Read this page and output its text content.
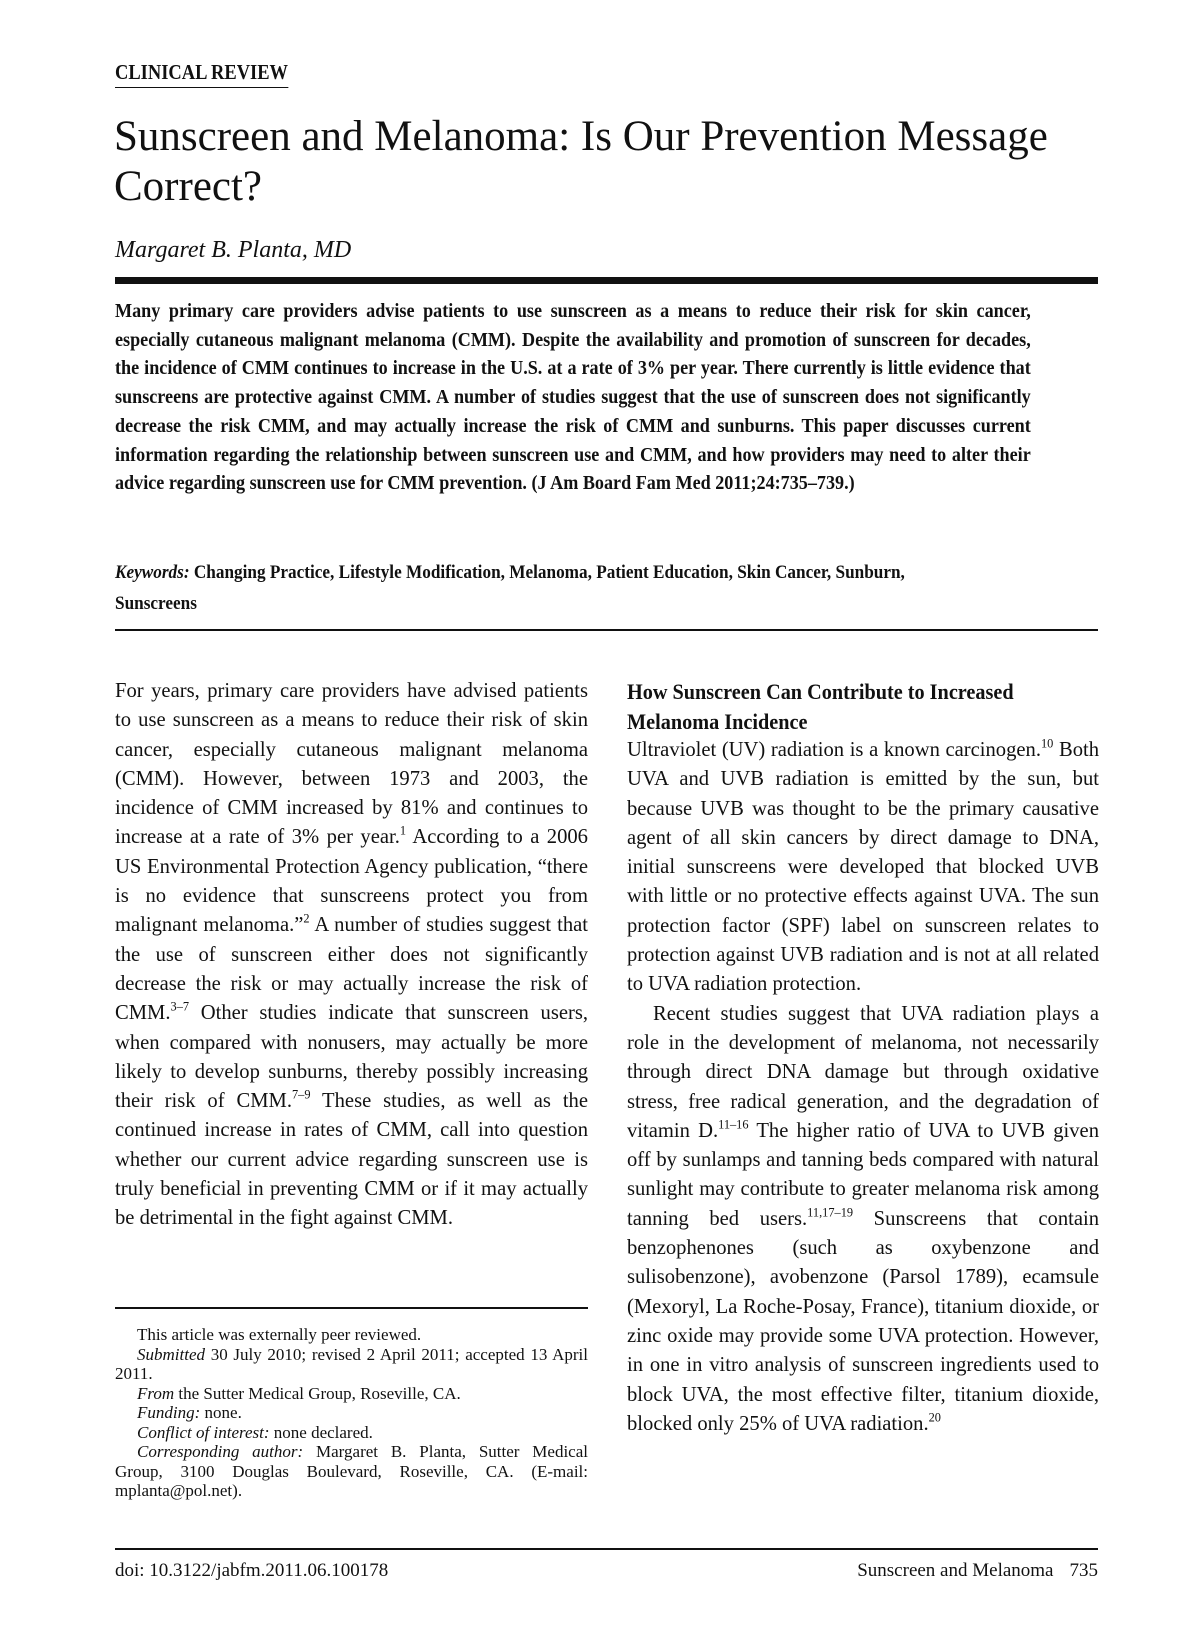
CLINICAL REVIEW
Sunscreen and Melanoma: Is Our Prevention Message Correct?
Margaret B. Planta, MD

Many primary care providers advise patients to use sunscreen as a means to reduce their risk for skin cancer, especially cutaneous malignant melanoma (CMM). Despite the availability and promotion of sunscreen for decades, the incidence of CMM continues to increase in the U.S. at a rate of 3% per year. There currently is little evidence that sunscreens are protective against CMM. A number of studies suggest that the use of sunscreen does not significantly decrease the risk CMM, and may actually increase the risk of CMM and sunburns. This paper discusses current information regarding the relationship between sunscreen use and CMM, and how providers may need to alter their advice regarding sunscreen use for CMM prevention. (J Am Board Fam Med 2011;24:735–739.)

Keywords: Changing Practice, Lifestyle Modification, Melanoma, Patient Education, Skin Cancer, Sunburn, Sunscreens

For years, primary care providers have advised patients to use sunscreen as a means to reduce their risk of skin cancer, especially cutaneous malignant melanoma (CMM). However, between 1973 and 2003, the incidence of CMM increased by 81% and continues to increase at a rate of 3% per year.$^1$ According to a 2006 US Environmental Protection Agency publication, “there is no evidence that sunscreens protect you from malignant melanoma.”$^2$ A number of studies suggest that the use of sunscreen either does not significantly decrease the risk or may actually increase the risk of CMM.$^{3-7}$ Other studies indicate that sunscreen users, when compared with nonusers, may actually be more likely to develop sunburns, thereby possibly increasing their risk of CMM.$^{7-9}$ These studies, as well as the continued increase in rates of CMM, call into question whether our current advice regarding sunscreen use is truly beneficial in preventing CMM or if it may actually be detrimental in the fight against CMM.

This article was externally peer reviewed.

Submitted 30 July 2010; revised 2 April 2011; accepted 13 April 2011.

From the Sutter Medical Group, Roseville, CA.

Funding: none.

Conflict of interest: none declared.

Corresponding author: Margaret B. Planta, Sutter Medical Group, 3100 Douglas Boulevard, Roseville, CA. (E-mail: mplanta@pol.net).

How Sunscreen Can Contribute to Increased Melanoma Incidence

Ultraviolet (UV) radiation is a known carcinogen.$^{10}$ Both UVA and UVB radiation is emitted by the sun, but because UVB was thought to be the primary causative agent of all skin cancers by direct damage to DNA, initial sunscreens were developed that blocked UVB with little or no protective effects against UVA. The sun protection factor (SPF) label on sunscreen relates to protection against UVB radiation and is not at all related to UVA radiation protection.

Recent studies suggest that UVA radiation plays a role in the development of melanoma, not necessarily through direct DNA damage but through oxidative stress, free radical generation, and the degradation of vitamin D.$^{11-16}$ The higher ratio of UVA to UVB given off by sunlamps and tanning beds compared with natural sunlight may contribute to greater melanoma risk among tanning bed users.$^{11,17-19}$ Sunscreens that contain benzophenones (such as oxybenzone and sulisobenzone), avobenzone (Parsol 1789), ecamsule (Mexoryl, La Roche-Posay, France), titanium dioxide, or zinc oxide may provide some UVA protection. However, in one in vitro analysis of sunscreen ingredients used to block UVA, the most effective filter, titanium dioxide, blocked only 25% of UVA radiation.$^{20}$

doi: 10.3122/jabfm.2011.06.100178	Sunscreen and Melanoma 735
